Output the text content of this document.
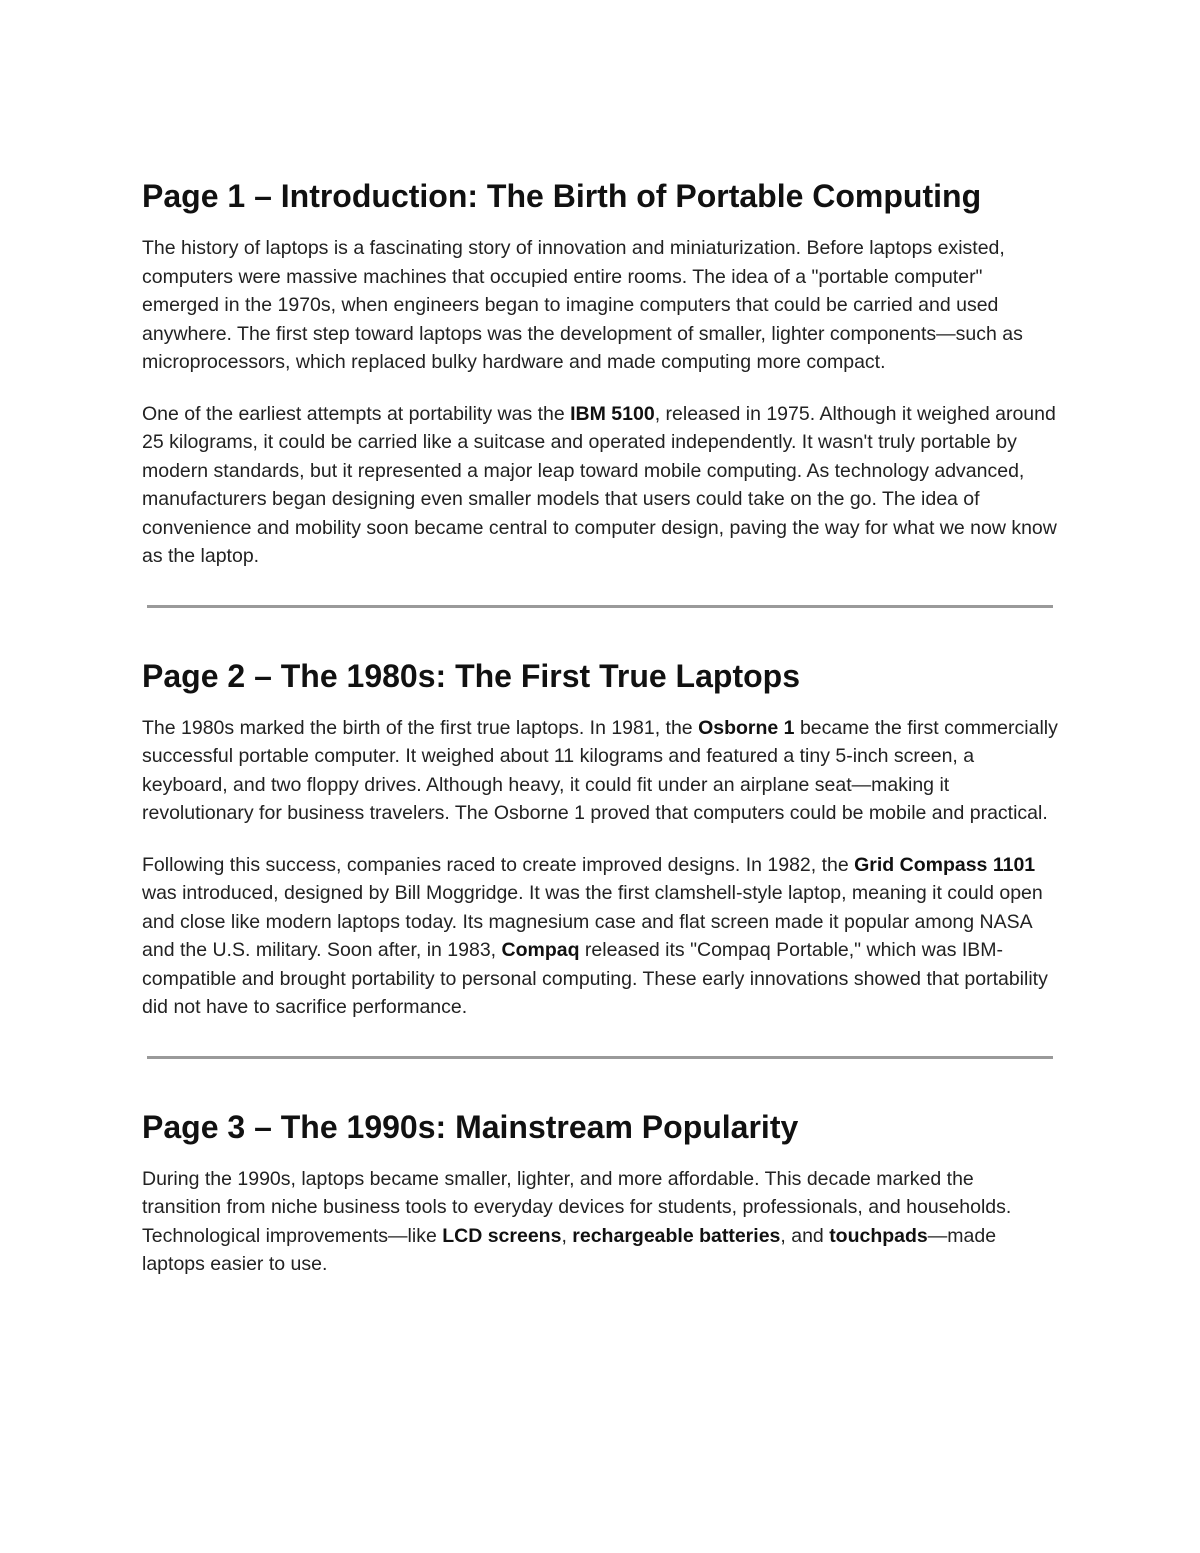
Page 1 – Introduction: The Birth of Portable Computing

The history of laptops is a fascinating story of innovation and miniaturization. Before laptops existed, computers were massive machines that occupied entire rooms. The idea of a "portable computer" emerged in the 1970s, when engineers began to imagine computers that could be carried and used anywhere. The first step toward laptops was the development of smaller, lighter components—such as microprocessors, which replaced bulky hardware and made computing more compact.

One of the earliest attempts at portability was the IBM 5100, released in 1975. Although it weighed around 25 kilograms, it could be carried like a suitcase and operated independently. It wasn't truly portable by modern standards, but it represented a major leap toward mobile computing. As technology advanced, manufacturers began designing even smaller models that users could take on the go. The idea of convenience and mobility soon became central to computer design, paving the way for what we now know as the laptop.

Page 2 – The 1980s: The First True Laptops

The 1980s marked the birth of the first true laptops. In 1981, the Osborne 1 became the first commercially successful portable computer. It weighed about 11 kilograms and featured a tiny 5-inch screen, a keyboard, and two floppy drives. Although heavy, it could fit under an airplane seat—making it revolutionary for business travelers. The Osborne 1 proved that computers could be mobile and practical.

Following this success, companies raced to create improved designs. In 1982, the Grid Compass 1101 was introduced, designed by Bill Moggridge. It was the first clamshell-style laptop, meaning it could open and close like modern laptops today. Its magnesium case and flat screen made it popular among NASA and the U.S. military. Soon after, in 1983, Compaq released its "Compaq Portable," which was IBM-compatible and brought portability to personal computing. These early innovations showed that portability did not have to sacrifice performance.

Page 3 – The 1990s: Mainstream Popularity

During the 1990s, laptops became smaller, lighter, and more affordable. This decade marked the transition from niche business tools to everyday devices for students, professionals, and households. Technological improvements—like LCD screens, rechargeable batteries, and touchpads—made laptops easier to use.
